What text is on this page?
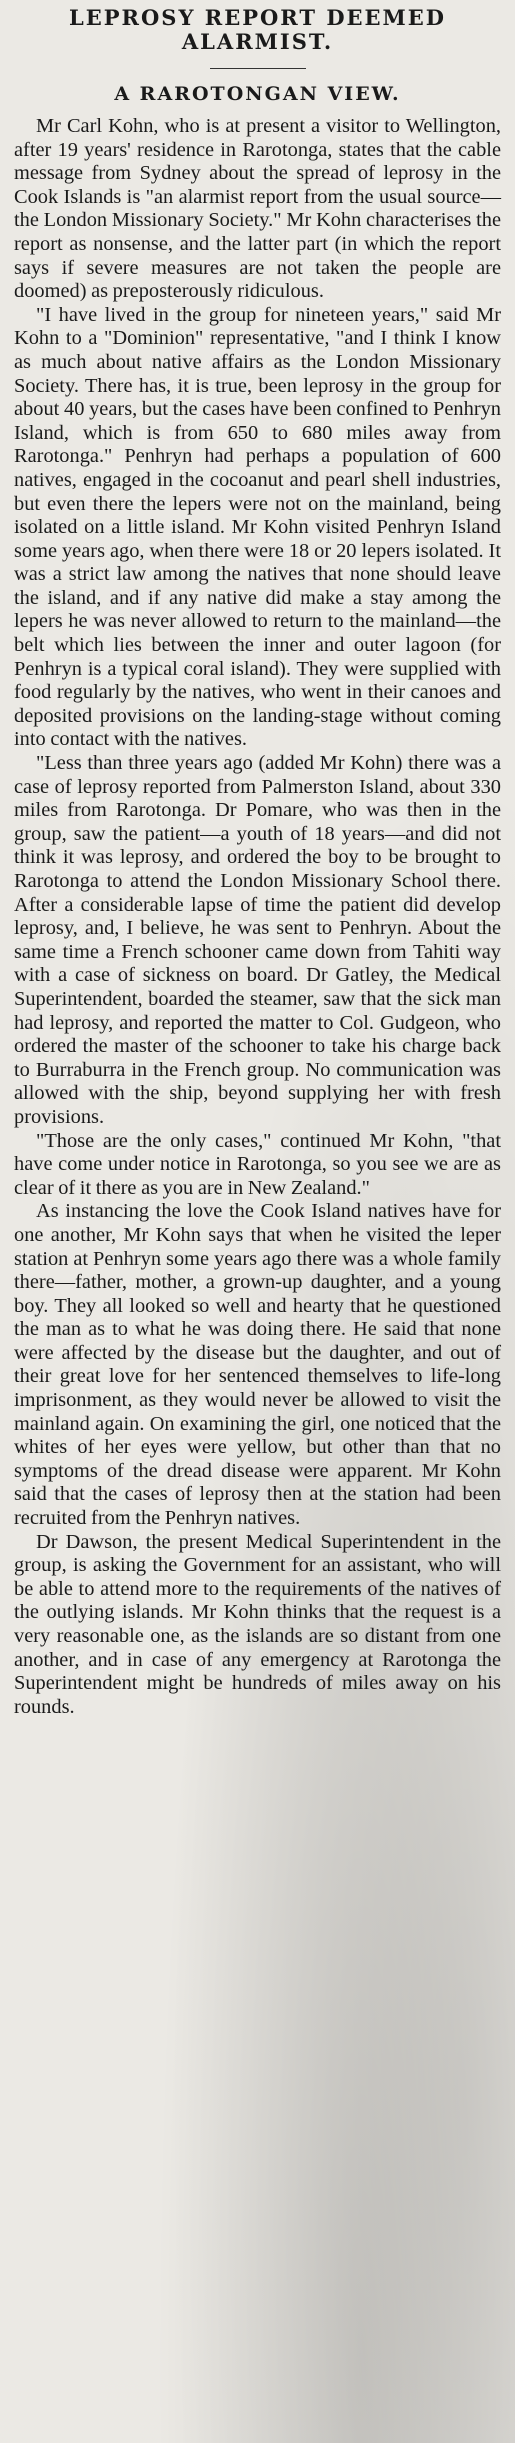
LEPROSY REPORT DEEMED
ALARMIST.
A RAROTONGAN VIEW.

Mr Carl Kohn, who is at present a visitor to Wellington, after 19 years' residence in Rarotonga, states that the cable message from Sydney about the spread of leprosy in the Cook Islands is "an alarmist report from the usual source—the London Missionary Society." Mr Kohn characterises the report as nonsense, and the latter part (in which the report says if severe measures are not taken the people are doomed) as preposterously ridiculous.

"I have lived in the group for nineteen years," said Mr Kohn to a "Dominion" representative, "and I think I know as much about native affairs as the London Missionary Society. There has, it is true, been leprosy in the group for about 40 years, but the cases have been confined to Penhryn Island, which is from 650 to 680 miles away from Rarotonga." Penhryn had perhaps a population of 600 natives, engaged in the cocoanut and pearl shell industries, but even there the lepers were not on the mainland, being isolated on a little island. Mr Kohn visited Penhryn Island some years ago, when there were 18 or 20 lepers isolated. It was a strict law among the natives that none should leave the island, and if any native did make a stay among the lepers he was never allowed to return to the mainland—the belt which lies between the inner and outer lagoon (for Penhryn is a typical coral island). They were supplied with food regularly by the natives, who went in their canoes and deposited provisions on the landing-stage without coming into contact with the natives.

"Less than three years ago (added Mr Kohn) there was a case of leprosy reported from Palmerston Island, about 330 miles from Rarotonga. Dr Pomare, who was then in the group, saw the patient—a youth of 18 years—and did not think it was leprosy, and ordered the boy to be brought to Rarotonga to attend the London Missionary School there. After a considerable lapse of time the patient did develop leprosy, and, I believe, he was sent to Penhryn. About the same time a French schooner came down from Tahiti way with a case of sickness on board. Dr Gatley, the Medical Superintendent, boarded the steamer, saw that the sick man had leprosy, and reported the matter to Col. Gudgeon, who ordered the master of the schooner to take his charge back to Burraburra in the French group. No communication was allowed with the ship, beyond supplying her with fresh provisions.

"Those are the only cases," continued Mr Kohn, "that have come under notice in Rarotonga, so you see we are as clear of it there as you are in New Zealand."

As instancing the love the Cook Island natives have for one another, Mr Kohn says that when he visited the leper station at Penhryn some years ago there was a whole family there—father, mother, a grown-up daughter, and a young boy. They all looked so well and hearty that he questioned the man as to what he was doing there. He said that none were affected by the disease but the daughter, and out of their great love for her sentenced themselves to life-long imprisonment, as they would never be allowed to visit the mainland again. On examining the girl, one noticed that the whites of her eyes were yellow, but other than that no symptoms of the dread disease were apparent. Mr Kohn said that the cases of leprosy then at the station had been recruited from the Penhryn natives.

Dr Dawson, the present Medical Superintendent in the group, is asking the Government for an assistant, who will be able to attend more to the requirements of the natives of the outlying islands. Mr Kohn thinks that the request is a very reasonable one, as the islands are so distant from one another, and in case of any emergency at Rarotonga the Superintendent might be hundreds of miles away on his rounds.
